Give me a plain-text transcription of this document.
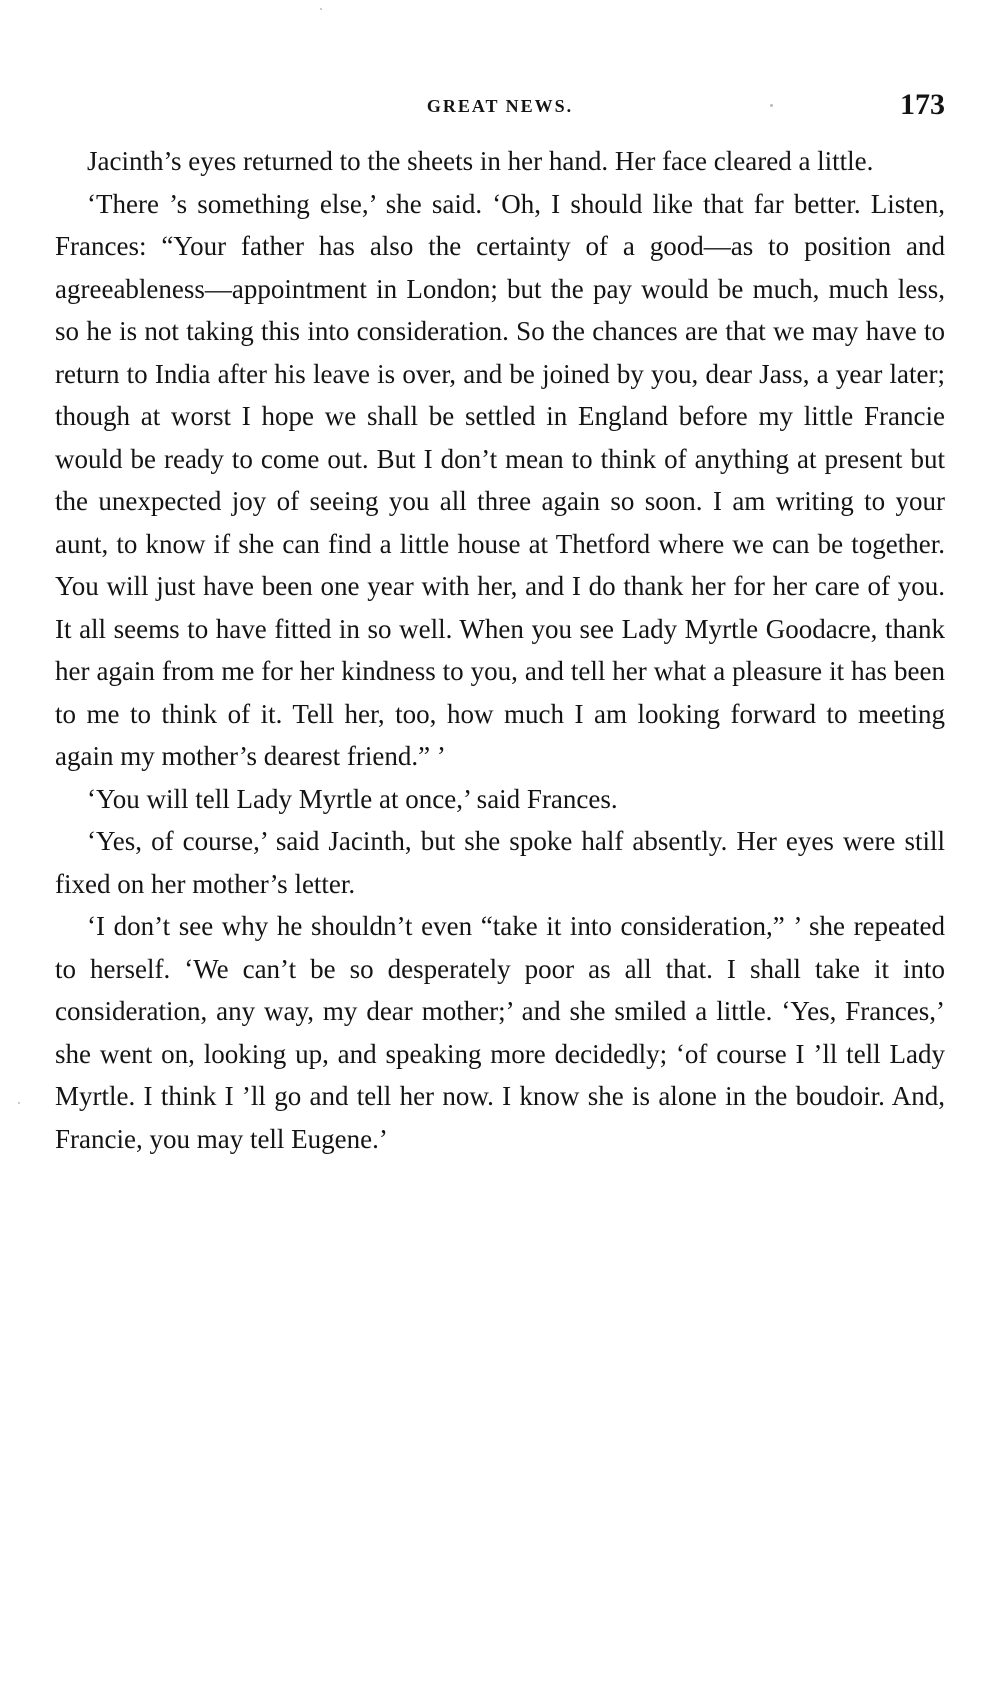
GREAT NEWS.	173

Jacinth’s eyes returned to the sheets in her hand. Her face cleared a little.

‘There ’s something else,’ she said. ‘Oh, I should like that far better. Listen, Frances: “Your father has also the certainty of a good—as to position and agreeableness—appointment in London; but the pay would be much, much less, so he is not taking this into consideration. So the chances are that we may have to return to India after his leave is over, and be joined by you, dear Jass, a year later; though at worst I hope we shall be settled in England before my little Francie would be ready to come out. But I don’t mean to think of anything at present but the unexpected joy of seeing you all three again so soon. I am writing to your aunt, to know if she can find a little house at Thetford where we can be together. You will just have been one year with her, and I do thank her for her care of you. It all seems to have fitted in so well. When you see Lady Myrtle Goodacre, thank her again from me for her kindness to you, and tell her what a pleasure it has been to me to think of it. Tell her, too, how much I am looking forward to meeting again my mother’s dearest friend.” ’

‘You will tell Lady Myrtle at once,’ said Frances.

‘Yes, of course,’ said Jacinth, but she spoke half absently. Her eyes were still fixed on her mother’s letter.

‘I don’t see why he shouldn’t even “take it into consideration,” ’ she repeated to herself. ‘We can’t be so desperately poor as all that. I shall take it into consideration, any way, my dear mother;’ and she smiled a little. ‘Yes, Frances,’ she went on, looking up, and speaking more decidedly; ‘of course I ’ll tell Lady Myrtle. I think I ’ll go and tell her now. I know she is alone in the boudoir. And, Francie, you may tell Eugene.’
